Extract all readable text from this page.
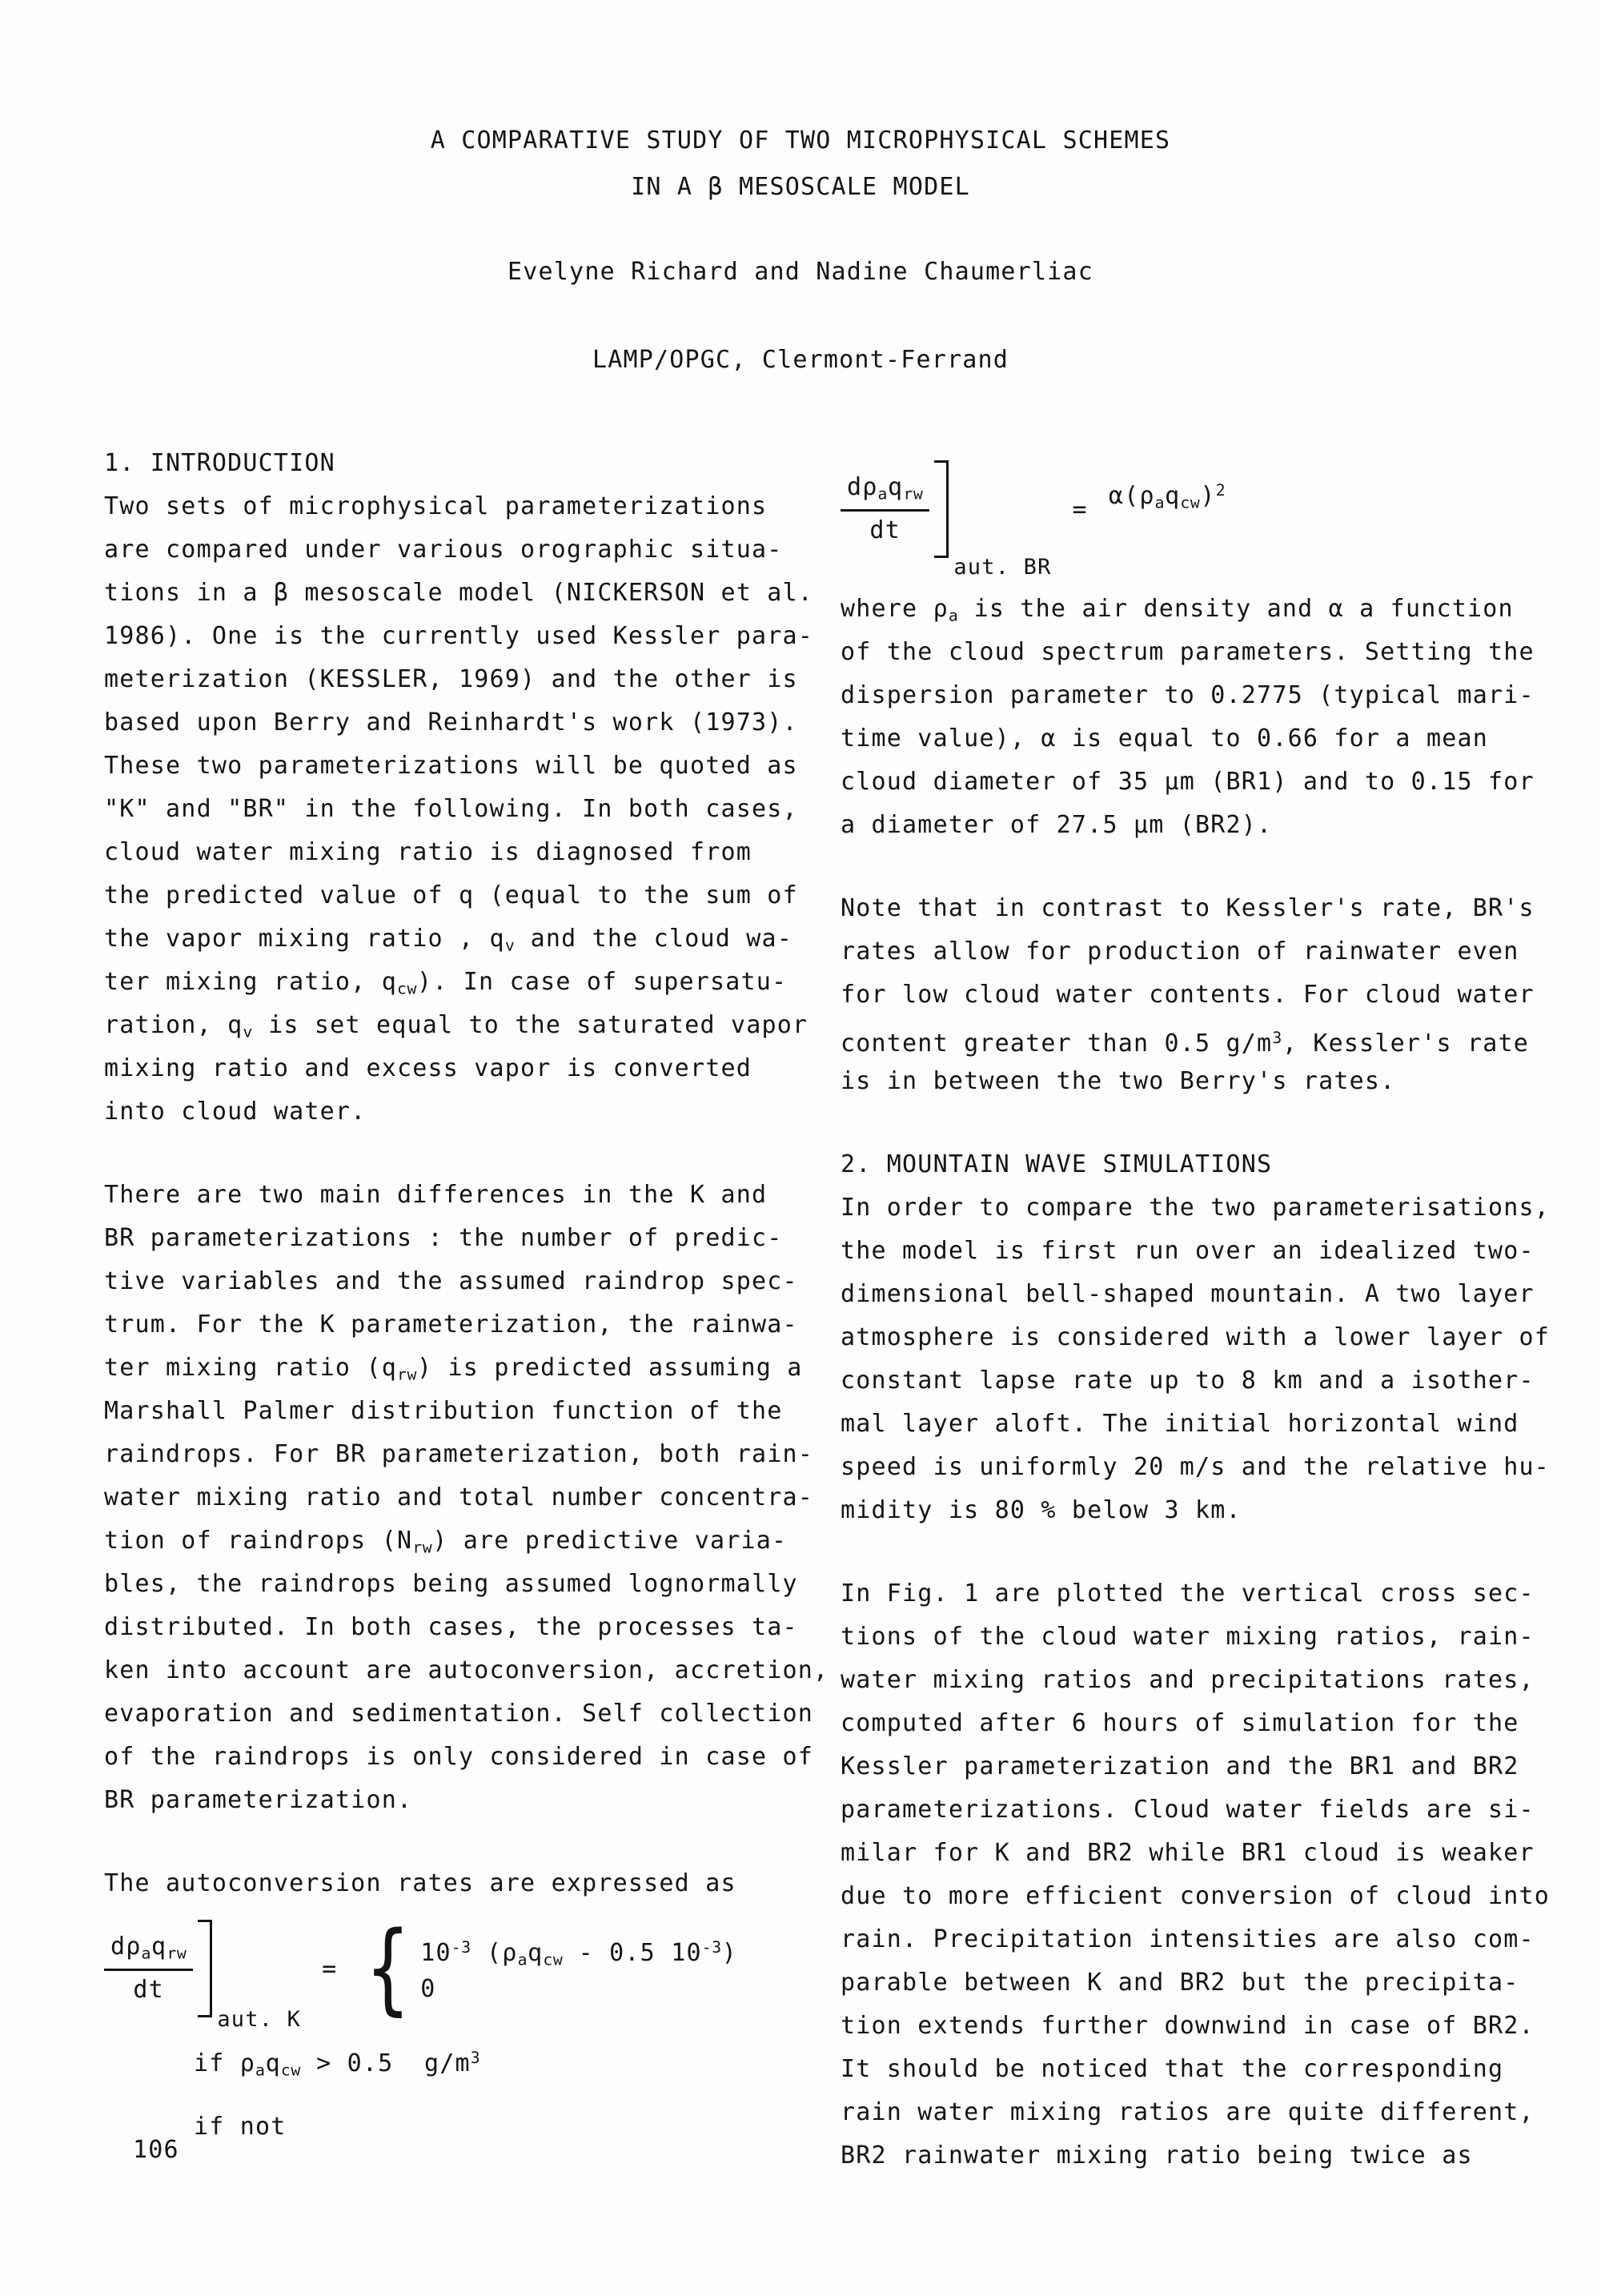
A COMPARATIVE STUDY OF TWO MICROPHYSICAL SCHEMES
IN A β MESOSCALE MODEL
Evelyne Richard and Nadine Chaumerliac
LAMP/OPGC, Clermont-Ferrand
1. INTRODUCTION
Two sets of microphysical parameterizations
are compared under various orographic situa-
tions in a β mesoscale model (NICKERSON et al.
1986). One is the currently used Kessler para-
meterization (KESSLER, 1969) and the other is
based upon Berry and Reinhardt's work (1973).
These two parameterizations will be quoted as
"K" and "BR" in the following. In both cases,
cloud water mixing ratio is diagnosed from
the predicted value of q (equal to the sum of
the vapor mixing ratio , $q_v$ and the cloud wa-
ter mixing ratio, $q_{cw}$). In case of supersatu-
ration, $q_v$ is set equal to the saturated vapor
mixing ratio and excess vapor is converted
into cloud water.
There are two main differences in the K and
BR parameterizations : the number of predic-
tive variables and the assumed raindrop spec-
trum. For the K parameterization, the rainwa-
ter mixing ratio $(q_{rw})$ is predicted assuming a
Marshall Palmer distribution function of the
raindrops. For BR parameterization, both rain-
water mixing ratio and total number concentra-
tion of raindrops $(N_{rw})$ are predictive varia-
bles, the raindrops being assumed lognormally
distributed. In both cases, the processes ta-
ken into account are autoconversion, accretion,
evaporation and sedimentation. Self collection
of the raindrops is only considered in case of
BR parameterization.
The autoconversion rates are expressed as
$\frac{d\rho_aq_{rw}}{dt}$
aut. K
= { $10^{-3}$ ($\rho_aq_{cw} - 0.5$ $10^{-3}$)
0
if $\rho_aq_{cw} > 0.5$  $g/m^3$
if not
$\frac{d\rho_aq_{rw}}{dt}$
aut. BR
= $\alpha(\rho_aq_{cw})^2$
where $\rho_a$ is the air density and α a function
of the cloud spectrum parameters. Setting the
dispersion parameter to 0.2775 (typical mari-
time value), α is equal to 0.66 for a mean
cloud diameter of 35 μm (BR1) and to 0.15 for
a diameter of 27.5 μm (BR2).
Note that in contrast to Kessler's rate, BR's
rates allow for production of rainwater even
for low cloud water contents. For cloud water
content greater than 0.5 $g/m^3$, Kessler's rate
is in between the two Berry's rates.
2. MOUNTAIN WAVE SIMULATIONS
In order to compare the two parameterisations,
the model is first run over an idealized two-
dimensional bell-shaped mountain. A two layer
atmosphere is considered with a lower layer of
constant lapse rate up to 8 km and a isother-
mal layer aloft. The initial horizontal wind
speed is uniformly 20 m/s and the relative hu-
midity is 80 % below 3 km.
In Fig. 1 are plotted the vertical cross sec-
tions of the cloud water mixing ratios, rain-
water mixing ratios and precipitations rates,
computed after 6 hours of simulation for the
Kessler parameterization and the BR1 and BR2
parameterizations. Cloud water fields are si-
milar for K and BR2 while BR1 cloud is weaker
due to more efficient conversion of cloud into
rain. Precipitation intensities are also com-
parable between K and BR2 but the precipita-
tion extends further downwind in case of BR2.
It should be noticed that the corresponding
rain water mixing ratios are quite different,
BR2 rainwater mixing ratio being twice as
106
